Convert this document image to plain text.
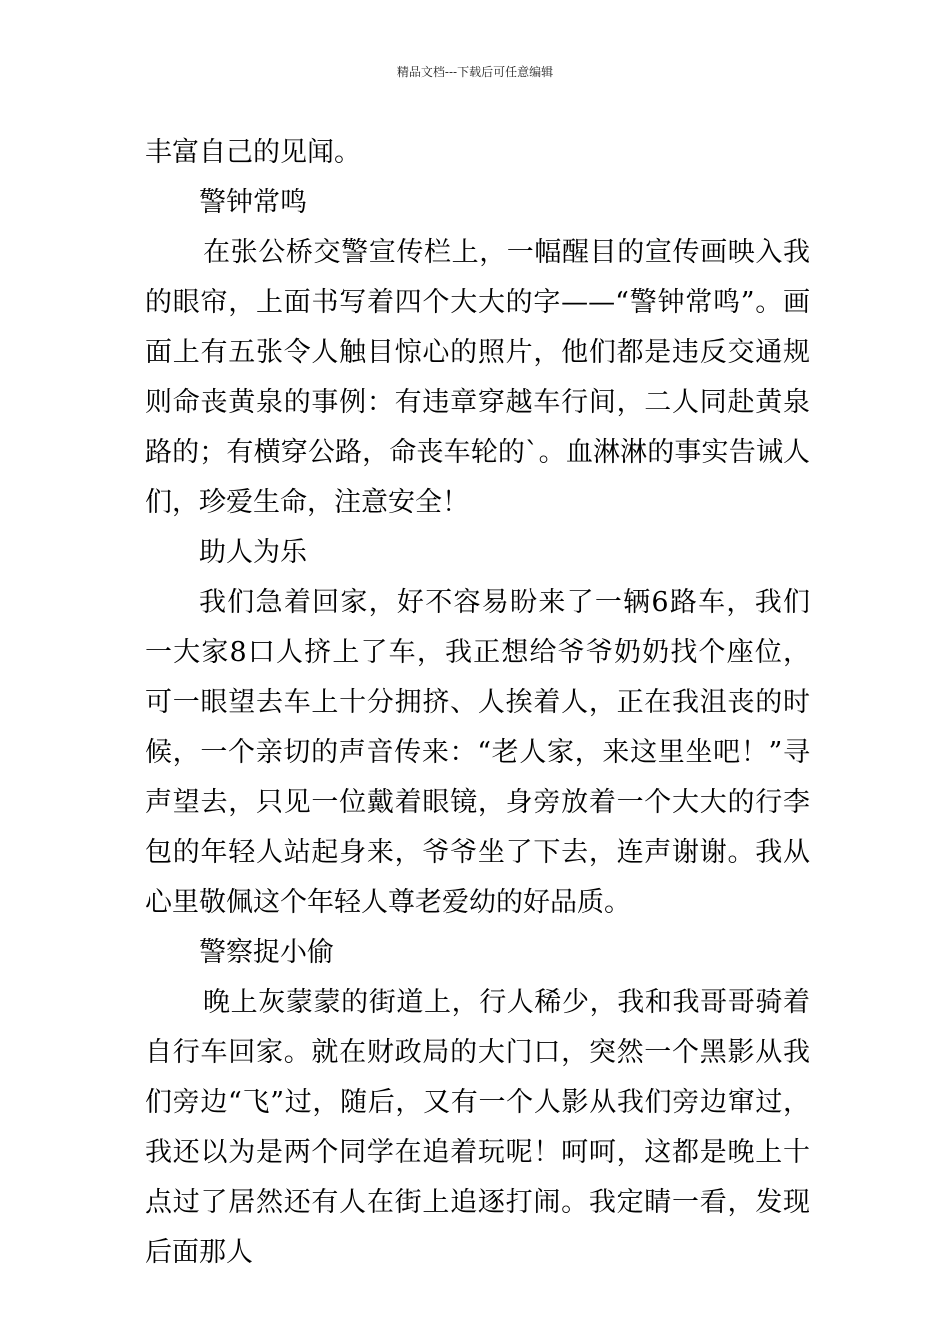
精品文档---下载后可任意编辑

丰富自己的见闻。

警钟常鸣

在张公桥交警宣传栏上，一幅醒目的宣传画映入我的眼帘，上面书写着四个大大的字——“警钟常鸣”。画面上有五张令人触目惊心的照片，他们都是违反交通规则命丧黄泉的事例：有违章穿越车行间，二人同赴黄泉路的；有横穿公路，命丧车轮的`。血淋淋的事实告诫人们，珍爱生命，注意安全！

助人为乐

我们急着回家，好不容易盼来了一辆6路车，我们一大家8口人挤上了车，我正想给爷爷奶奶找个座位，可一眼望去车上十分拥挤、人挨着人，正在我沮丧的时候，一个亲切的声音传来：“老人家，来这里坐吧！”寻声望去，只见一位戴着眼镜，身旁放着一个大大的行李包的年轻人站起身来，爷爷坐了下去，连声谢谢。我从心里敬佩这个年轻人尊老爱幼的好品质。

警察捉小偷

晚上灰蒙蒙的街道上，行人稀少，我和我哥哥骑着自行车回家。就在财政局的大门口，突然一个黑影从我们旁边“飞”过，随后，又有一个人影从我们旁边窜过，我还以为是两个同学在追着玩呢！呵呵，这都是晚上十点过了居然还有人在街上追逐打闹。我定睛一看，发现后面那人
